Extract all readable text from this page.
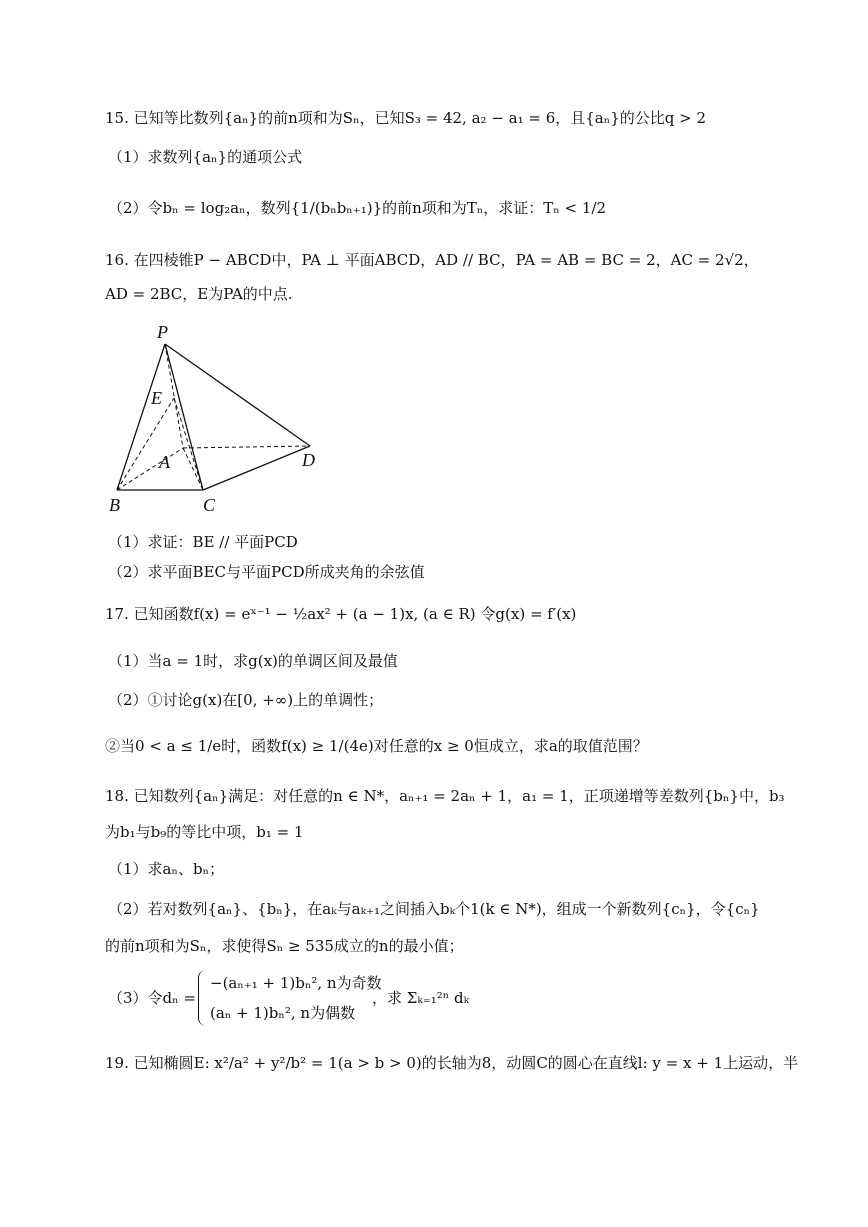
15. 已知等比数列{aₙ}的前n项和为Sₙ，已知S₃ = 42, a₂ − a₁ = 6，且{aₙ}的公比q > 2
（1）求数列{aₙ}的通项公式
（2）令bₙ = log₂aₙ，数列{1/(bₙbₙ₊₁)}的前n项和为Tₙ，求证：Tₙ < 1/2
16. 在四棱锥P − ABCD中，PA ⊥ 平面ABCD，AD // BC，PA = AB = BC = 2，AC = 2√2，
AD = 2BC，E为PA的中点.
P
E
A
B	C
D
（1）求证：BE // 平面PCD
（2）求平面BEC与平面PCD所成夹角的余弦值
17. 已知函数f(x) = eˣ⁻¹ − ½ax² + (a − 1)x, (a ∈ R) 令g(x) = f′(x)
（1）当a = 1时，求g(x)的单调区间及最值
（2）①讨论g(x)在[0, +∞)上的单调性；
②当0 < a ≤ 1/e时，函数f(x) ≥ 1/(4e)对任意的x ≥ 0恒成立，求a的取值范围？
18. 已知数列{aₙ}满足：对任意的n ∈ N*，aₙ₊₁ = 2aₙ + 1，a₁ = 1，正项递增等差数列{bₙ}中，b₃
为b₁与b₉的等比中项，b₁ = 1
（1）求aₙ、bₙ；
（2）若对数列{aₙ}、{bₙ}，在aₖ与aₖ₊₁之间插入bₖ个1(k ∈ N*)，组成一个新数列{cₙ}，令{cₙ}
的前n项和为Sₙ，求使得Sₙ ≥ 535成立的n的最小值；
（3）令dₙ =
−(aₙ₊₁ + 1)bₙ², n为奇数
(aₙ + 1)bₙ², n为偶数
，求 Σₖ₌₁²ⁿ dₖ
19. 已知椭圆E: x²/a² + y²/b² = 1(a > b > 0)的长轴为8，动圆C的圆心在直线l: y = x + 1上运动，半
